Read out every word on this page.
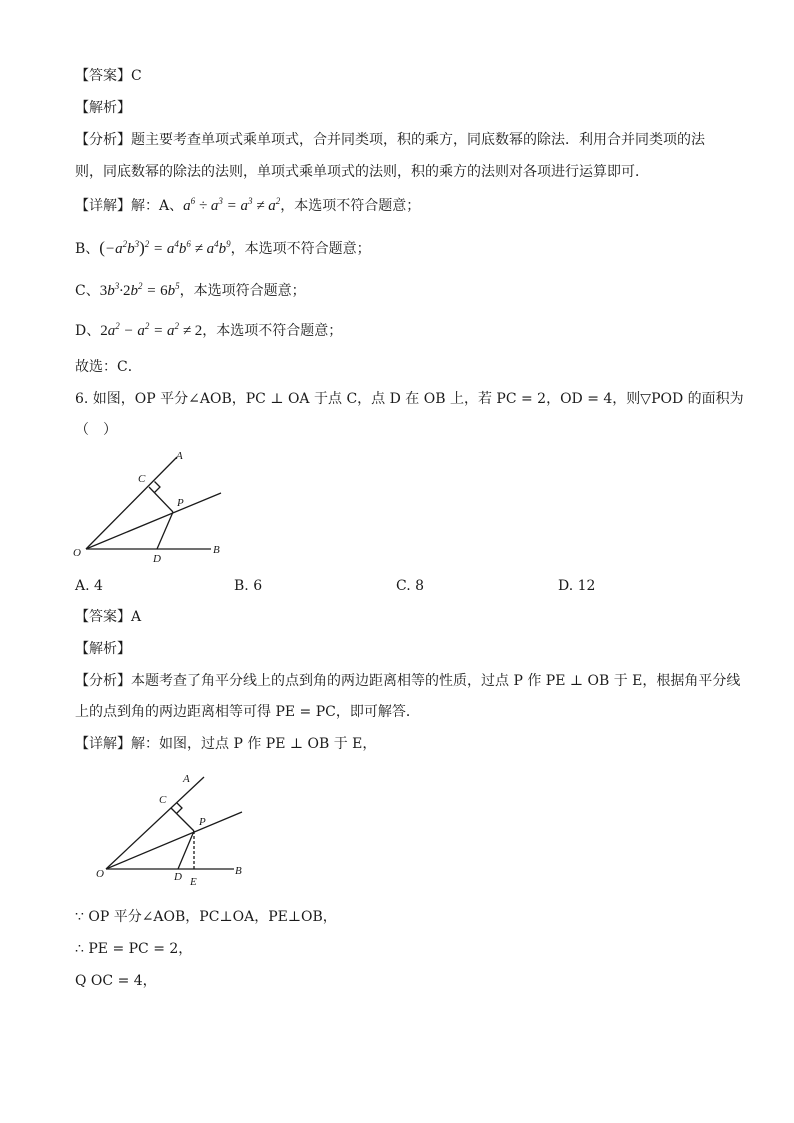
【答案】C
【解析】
【分析】题主要考查单项式乘单项式，合并同类项，积的乘方，同底数幂的除法．利用合并同类项的法
则，同底数幂的除法的法则，单项式乘单项式的法则，积的乘方的法则对各项进行运算即可．
【详解】解：A、$a^6 \div a^3 = a^3 \ne a^2$，本选项不符合题意；
B、$(-a^2b^3)^2 = a^4b^6 \ne a^4b^9$，本选项不符合题意；
C、$3b^3\cdot 2b^2 = 6b^5$，本选项符合题意；
D、$2a^2 - a^2 = a^2 \ne 2$，本选项不符合题意；
故选：C．
6. 如图，OP 平分∠AOB，PC ⊥ OA 于点 C，点 D 在 OB 上，若 PC = 2，OD = 4，则▽POD 的面积为
（　）
A
C
P
O	D
B
A. 4	B. 6	C. 8	D. 12
【答案】A
【解析】
【分析】本题考查了角平分线上的点到角的两边距离相等的性质，过点 P 作 PE ⊥ OB 于 E，根据角平分线
上的点到角的两边距离相等可得 PE = PC，即可解答．
【详解】解：如图，过点 P 作 PE ⊥ OB 于 E，
A
C
P
O	D E
B
∵ OP 平分∠AOB，PC⊥OA，PE⊥OB，
∴ PE = PC = 2，
Q OC = 4，
